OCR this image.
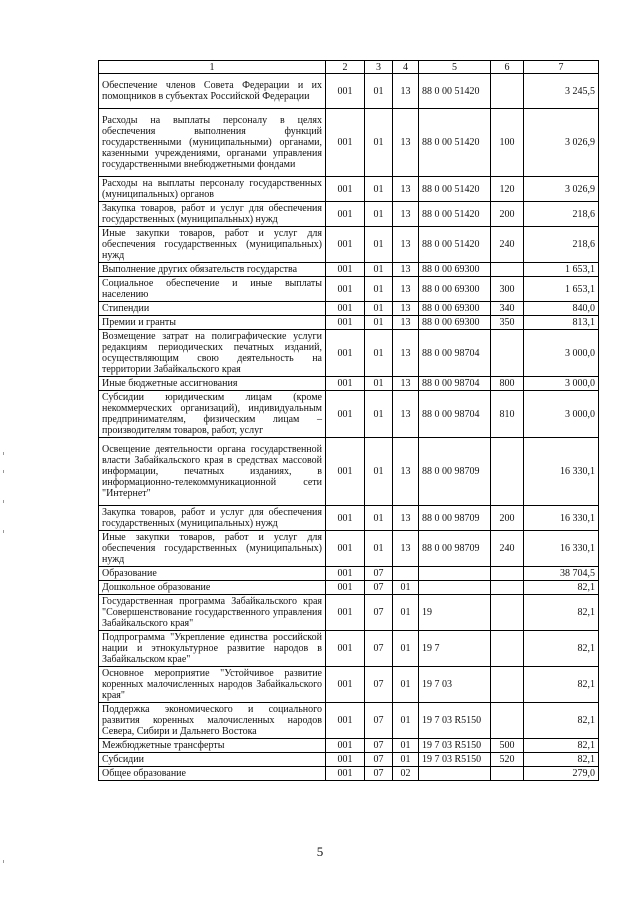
1	2	3	4	5	6	7
Обеспечение членов Совета Федерации и их помощников в субъектах Российской Федерации	001	01	13	88 0 00 51420		3 245,5
Расходы на выплаты персоналу в целях обеспечения выполнения функций государственными (муниципальными) органами, казенными учреждениями, органами управления государственными внебюджетными фондами	001	01	13	88 0 00 51420	100	3 026,9
Расходы на выплаты персоналу государственных (муниципальных) органов	001	01	13	88 0 00 51420	120	3 026,9
Закупка товаров, работ и услуг для обеспечения государственных (муниципальных) нужд	001	01	13	88 0 00 51420	200	218,6
Иные закупки товаров, работ и услуг для обеспечения государственных (муниципальных) нужд	001	01	13	88 0 00 51420	240	218,6
Выполнение других обязательств государства	001	01	13	88 0 00 69300		1 653,1
Социальное обеспечение и иные выплаты населению	001	01	13	88 0 00 69300	300	1 653,1
Стипендии	001	01	13	88 0 00 69300	340	840,0
Премии и гранты	001	01	13	88 0 00 69300	350	813,1
Возмещение затрат на полиграфические услуги редакциям периодических печатных изданий, осуществляющим свою деятельность на территории Забайкальского края	001	01	13	88 0 00 98704		3 000,0
Иные бюджетные ассигнования	001	01	13	88 0 00 98704	800	3 000,0
Субсидии юридическим лицам (кроме некоммерческих организаций), индивидуальным предпринимателям, физическим лицам – производителям товаров, работ, услуг	001	01	13	88 0 00 98704	810	3 000,0
Освещение деятельности органа государственной власти Забайкальского края в средствах массовой информации, печатных изданиях, в информационно-телекоммуникационной сети "Интернет"	001	01	13	88 0 00 98709		16 330,1
Закупка товаров, работ и услуг для обеспечения государственных (муниципальных) нужд	001	01	13	88 0 00 98709	200	16 330,1
Иные закупки товаров, работ и услуг для обеспечения государственных (муниципальных) нужд	001	01	13	88 0 00 98709	240	16 330,1
Образование	001	07				38 704,5
Дошкольное образование	001	07	01			82,1
Государственная программа Забайкальского края "Совершенствование государственного управления Забайкальского края"	001	07	01	19		82,1
Подпрограмма "Укрепление единства российской нации и этнокультурное развитие народов в Забайкальском крае"	001	07	01	19 7		82,1
Основное мероприятие "Устойчивое развитие коренных малочисленных народов Забайкальского края"	001	07	01	19 7 03		82,1
Поддержка экономического и социального развития коренных малочисленных народов Севера, Сибири и Дальнего Востока	001	07	01	19 7 03 R5150		82,1
Межбюджетные трансферты	001	07	01	19 7 03 R5150	500	82,1
Субсидии	001	07	01	19 7 03 R5150	520	82,1
Общее образование	001	07	02			279,0
5
